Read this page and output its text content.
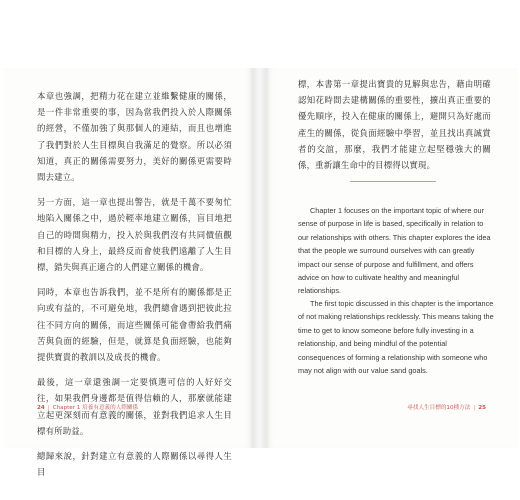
本章也強調，把精力花在建立並維繫健康的關係，是一件非常重要的事，因為當我們投入於人際關係的經營，不僅加強了與那個人的連結，而且也增進了我們對於人生目標與自我滿足的覺察。所以必須知道，真正的關係需要努力，美好的關係更需要時間去建立。

另一方面，這一章也提出警告，就是千萬不要匆忙地陷入關係之中，過於輕率地建立關係，盲目地把自己的時間與精力，投入於與我們沒有共同價值觀和目標的人身上，最終反而會使我們遠離了人生目標，錯失與真正適合的人們建立關係的機會。

同時，本章也告訴我們，並不是所有的關係都是正向或有益的，不可避免地，我們總會遇到把彼此拉往不同方向的關係，而這些關係可能會帶給我們痛苦與負面的經驗，但是，就算是負面經驗，也能夠提供寶貴的教訓以及成長的機會。

最後，這一章還強調一定要慎選可信的人好好交往，如果我們身邊都是值得信賴的人，那麼就能建立起更深刻而有意義的關係，並對我們追求人生目標有所助益。

總歸來說，針對建立有意義的人際關係以尋得人生目

24 | Chapter 1 培養有意義的人際關係

標，本書第一章提出寶貴的見解與忠告，藉由明確認知花時間去建構關係的重要性，擴出真正重要的優先順序，投入在健康的關係上，避開只為好處而產生的關係，從負面經驗中學習，並且找出真誠賞者的交誼，那麼，我們才能建立起堅穩強大的關係，重新讓生命中的目標得以實現。

Chapter 1 focuses on the important topic of where our sense of purpose in life is based, specifically in relation to our relationships with others. This chapter explores the idea that the people we surround ourselves with can greatly impact our sense of purpose and fulfillment, and offers advice on how to cultivate healthy and meaningful relationships.

The first topic discussed in this chapter is the importance of not making relationships recklessly. This means taking the time to get to know someone before fully investing in a relationship, and being mindful of the potential consequences of forming a relationship with someone who may not align with our value sand goals.

尋找人生目標的10種方法 | 25
